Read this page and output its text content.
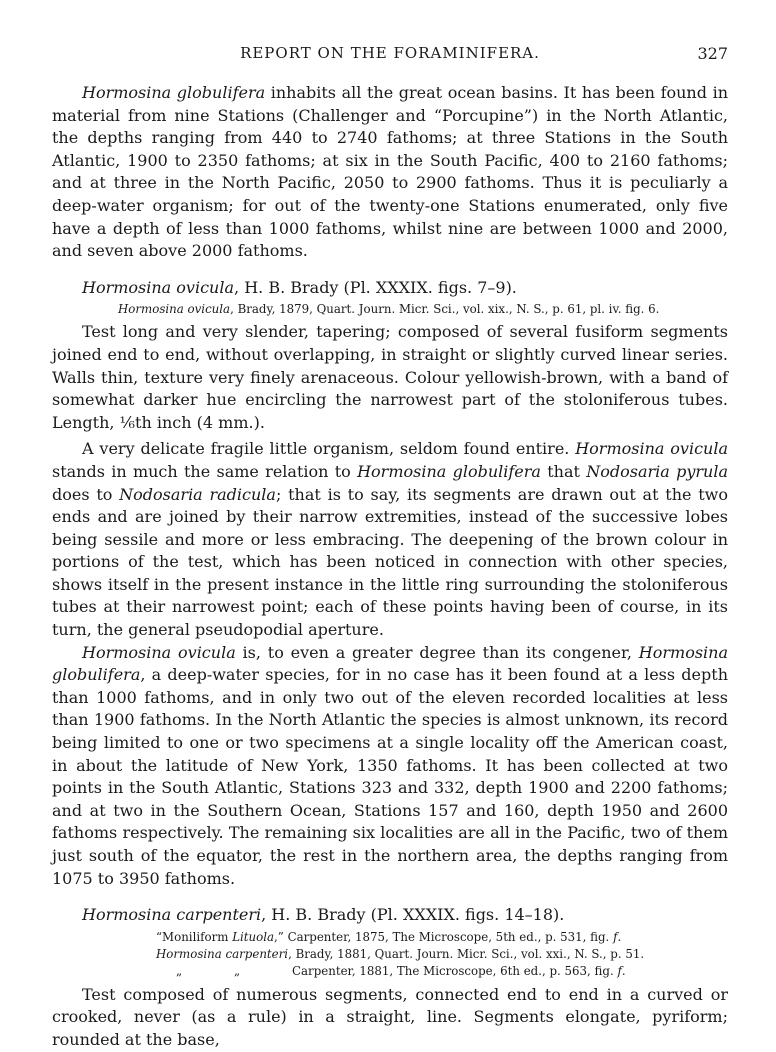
REPORT ON THE FORAMINIFERA.	327

Hormosina globulifera inhabits all the great ocean basins. It has been found in material from nine Stations (Challenger and “Porcupine”) in the North Atlantic, the depths ranging from 440 to 2740 fathoms; at three Stations in the South Atlantic, 1900 to 2350 fathoms; at six in the South Pacific, 400 to 2160 fathoms; and at three in the North Pacific, 2050 to 2900 fathoms. Thus it is peculiarly a deep-water organism; for out of the twenty-one Stations enumerated, only five have a depth of less than 1000 fathoms, whilst nine are between 1000 and 2000, and seven above 2000 fathoms.

Hormosina ovicula, H. B. Brady (Pl. XXXIX. figs. 7–9).

Hormosina ovicula, Brady, 1879, Quart. Journ. Micr. Sci., vol. xix., N. S., p. 61, pl. iv. fig. 6.

Test long and very slender, tapering; composed of several fusiform segments joined end to end, without overlapping, in straight or slightly curved linear series. Walls thin, texture very finely arenaceous. Colour yellowish-brown, with a band of somewhat darker hue encircling the narrowest part of the stoloniferous tubes. Length, ⅙th inch (4 mm.).

A very delicate fragile little organism, seldom found entire. Hormosina ovicula stands in much the same relation to Hormosina globulifera that Nodosaria pyrula does to Nodosaria radicula; that is to say, its segments are drawn out at the two ends and are joined by their narrow extremities, instead of the successive lobes being sessile and more or less embracing. The deepening of the brown colour in portions of the test, which has been noticed in connection with other species, shows itself in the present instance in the little ring surrounding the stoloniferous tubes at their narrowest point; each of these points having been of course, in its turn, the general pseudopodial aperture.

Hormosina ovicula is, to even a greater degree than its congener, Hormosina globulifera, a deep-water species, for in no case has it been found at a less depth than 1000 fathoms, and in only two out of the eleven recorded localities at less than 1900 fathoms. In the North Atlantic the species is almost unknown, its record being limited to one or two specimens at a single locality off the American coast, in about the latitude of New York, 1350 fathoms. It has been collected at two points in the South Atlantic, Stations 323 and 332, depth 1900 and 2200 fathoms; and at two in the Southern Ocean, Stations 157 and 160, depth 1950 and 2600 fathoms respectively. The remaining six localities are all in the Pacific, two of them just south of the equator, the rest in the northern area, the depths ranging from 1075 to 3950 fathoms.

Hormosina carpenteri, H. B. Brady (Pl. XXXIX. figs. 14–18).

“Moniliform Lituola,” Carpenter, 1875, The Microscope, 5th ed., p. 531, fig. f.

Hormosina carpenteri, Brady, 1881, Quart. Journ. Micr. Sci., vol. xxi., N. S., p. 51.

„	„	Carpenter, 1881, The Microscope, 6th ed., p. 563, fig. f.

Test composed of numerous segments, connected end to end in a curved or crooked, never (as a rule) in a straight, line. Segments elongate, pyriform; rounded at the base,
